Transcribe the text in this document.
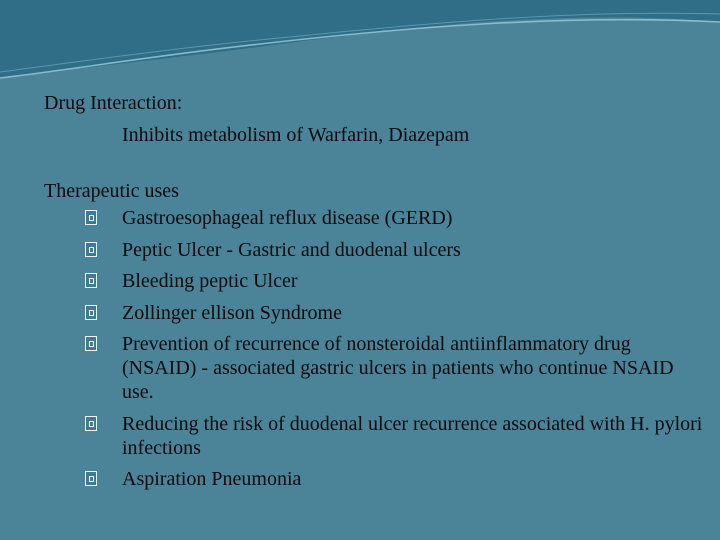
Drug Interaction:

Inhibits metabolism of Warfarin, Diazepam

Therapeutic uses

Gastroesophageal reflux disease (GERD)
Peptic Ulcer - Gastric and duodenal ulcers
Bleeding peptic Ulcer
Zollinger ellison Syndrome
Prevention of recurrence of nonsteroidal antiinflammatory drug (NSAID) - associated gastric ulcers in patients who continue NSAID use.
Reducing the risk of duodenal ulcer recurrence associated with H. pylori infections
Aspiration Pneumonia
